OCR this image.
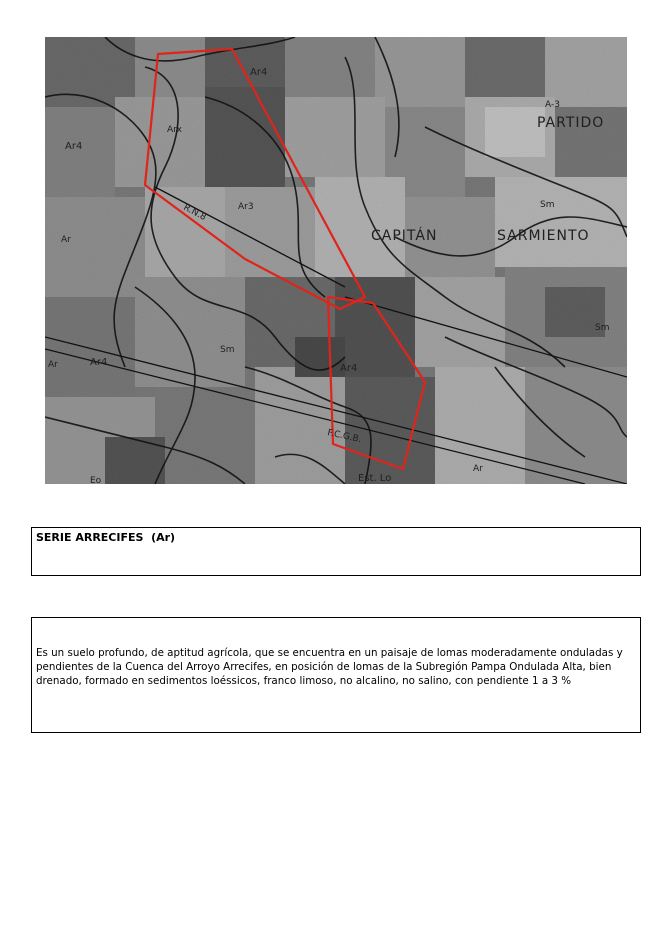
Ar4
A-3
PARTIDO
Arx
Ar4
R.N.8	Ar3	Sm
Ar	CAPITÁN	SARMIENTO
Sm
Sm
Ar	Ar4
Ar4
F.C.G.B.
Ar
Est. Lo
Eo
SERIE ARRECIFES  (Ar)

Es un suelo profundo, de aptitud agrícola, que se encuentra en un paisaje de lomas moderadamente onduladas y pendientes de la Cuenca del Arroyo Arrecifes, en posición de lomas de la Subregión Pampa Ondulada Alta, bien drenado, formado en sedimentos loéssicos, franco limoso, no alcalino, no salino, con pendiente 1 a 3 %
